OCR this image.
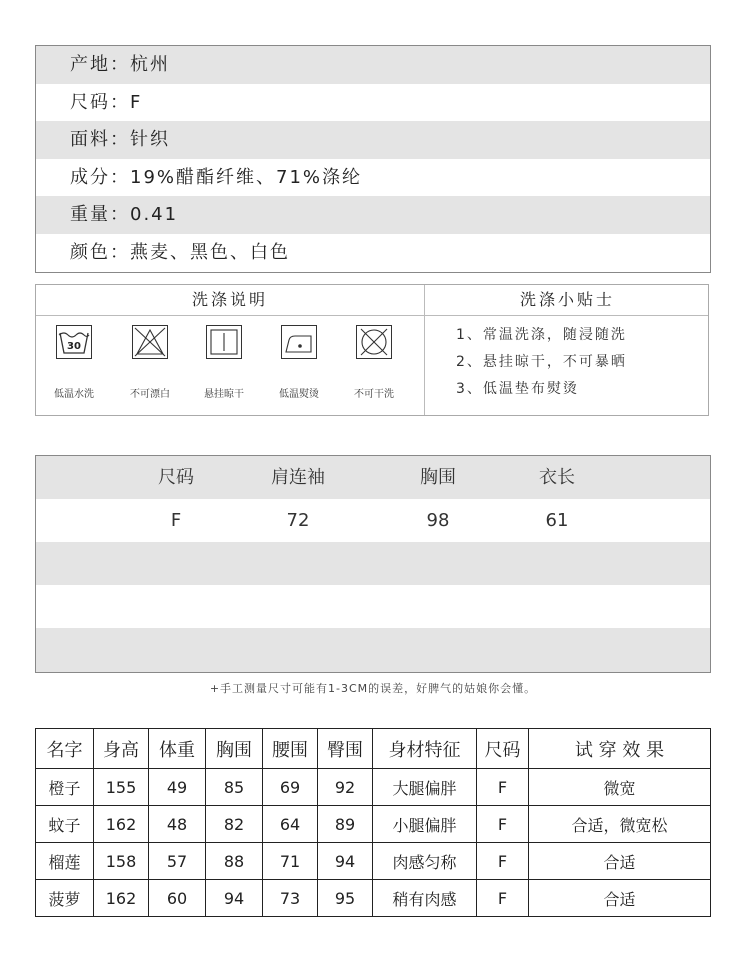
产地：杭州
尺码：F
面料：针织
成分：19%醋酯纤维、71%涤纶
重量：0.41
颜色：燕麦、黑色、白色
洗涤说明	洗涤小贴士
30
低温水洗	不可漂白	悬挂晾干	低温熨烫	不可干洗
1、常温洗涤，随浸随洗
2、悬挂晾干，不可暴晒
3、低温垫布熨烫
尺码	肩连袖	胸围	衣长
F	72	98	61
+手工测量尺寸可能有1-3CM的误差，好脾气的姑娘你会懂。
名字	身高	体重	胸围	腰围	臀围	身材特征	尺码	试 穿 效 果
橙子	155	49	85	69	92	大腿偏胖	F	微宽
蚊子	162	48	82	64	89	小腿偏胖	F	合适，微宽松
榴莲	158	57	88	71	94	肉感匀称	F	合适
菠萝	162	60	94	73	95	稍有肉感	F	合适
